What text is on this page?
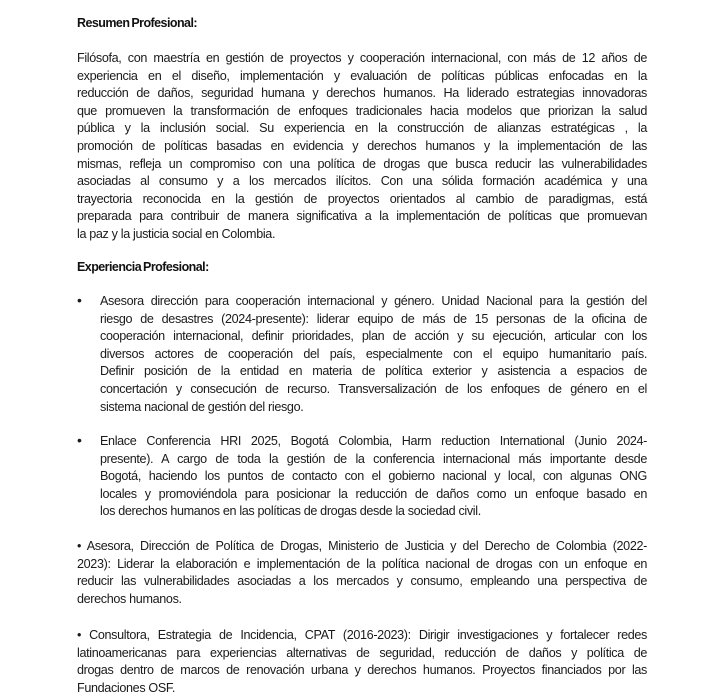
Resumen Profesional:
Filósofa, con maestría en gestión de proyectos y cooperación internacional, con más de 12 años de
experiencia en el diseño, implementación y evaluación de políticas públicas enfocadas en la
reducción de daños, seguridad humana y derechos humanos. Ha liderado estrategias innovadoras
que promueven la transformación de enfoques tradicionales hacia modelos que priorizan la salud
pública y la inclusión social. Su experiencia en la construcción de alianzas estratégicas , la
promoción de políticas basadas en evidencia y derechos humanos y la implementación de las
mismas, refleja un compromiso con una política de drogas que busca reducir las vulnerabilidades
asociadas al consumo y a los mercados ilícitos. Con una sólida formación académica y una
trayectoria reconocida en la gestión de proyectos orientados al cambio de paradigmas, está
preparada para contribuir de manera significativa a la implementación de políticas que promuevan
la paz y la justicia social en Colombia.
Experiencia Profesional:
• Asesora dirección para cooperación internacional y género. Unidad Nacional para la gestión del
riesgo de desastres (2024-presente): liderar equipo de más de 15 personas de la oficina de
cooperación internacional, definir prioridades, plan de acción y su ejecución, articular con los
diversos actores de cooperación del país, especialmente con el equipo humanitario país.
Definir posición de la entidad en materia de política exterior y asistencia a espacios de
concertación y consecución de recurso. Transversalización de los enfoques de género en el
sistema nacional de gestión del riesgo.
• Enlace Conferencia HRI 2025, Bogotá Colombia, Harm reduction International (Junio 2024-
presente). A cargo de toda la gestión de la conferencia internacional más importante desde
Bogotá, haciendo los puntos de contacto con el gobierno nacional y local, con algunas ONG
locales y promoviéndola para posicionar la reducción de daños como un enfoque basado en
los derechos humanos en las políticas de drogas desde la sociedad civil.
• Asesora, Dirección de Política de Drogas, Ministerio de Justicia y del Derecho de Colombia (2022-
2023): Liderar la elaboración e implementación de la política nacional de drogas con un enfoque en
reducir las vulnerabilidades asociadas a los mercados y consumo, empleando una perspectiva de
derechos humanos.
• Consultora, Estrategia de Incidencia, CPAT (2016-2023): Dirigir investigaciones y fortalecer redes
latinoamericanas para experiencias alternativas de seguridad, reducción de daños y política de
drogas dentro de marcos de renovación urbana y derechos humanos. Proyectos financiados por las
Fundaciones OSF.
